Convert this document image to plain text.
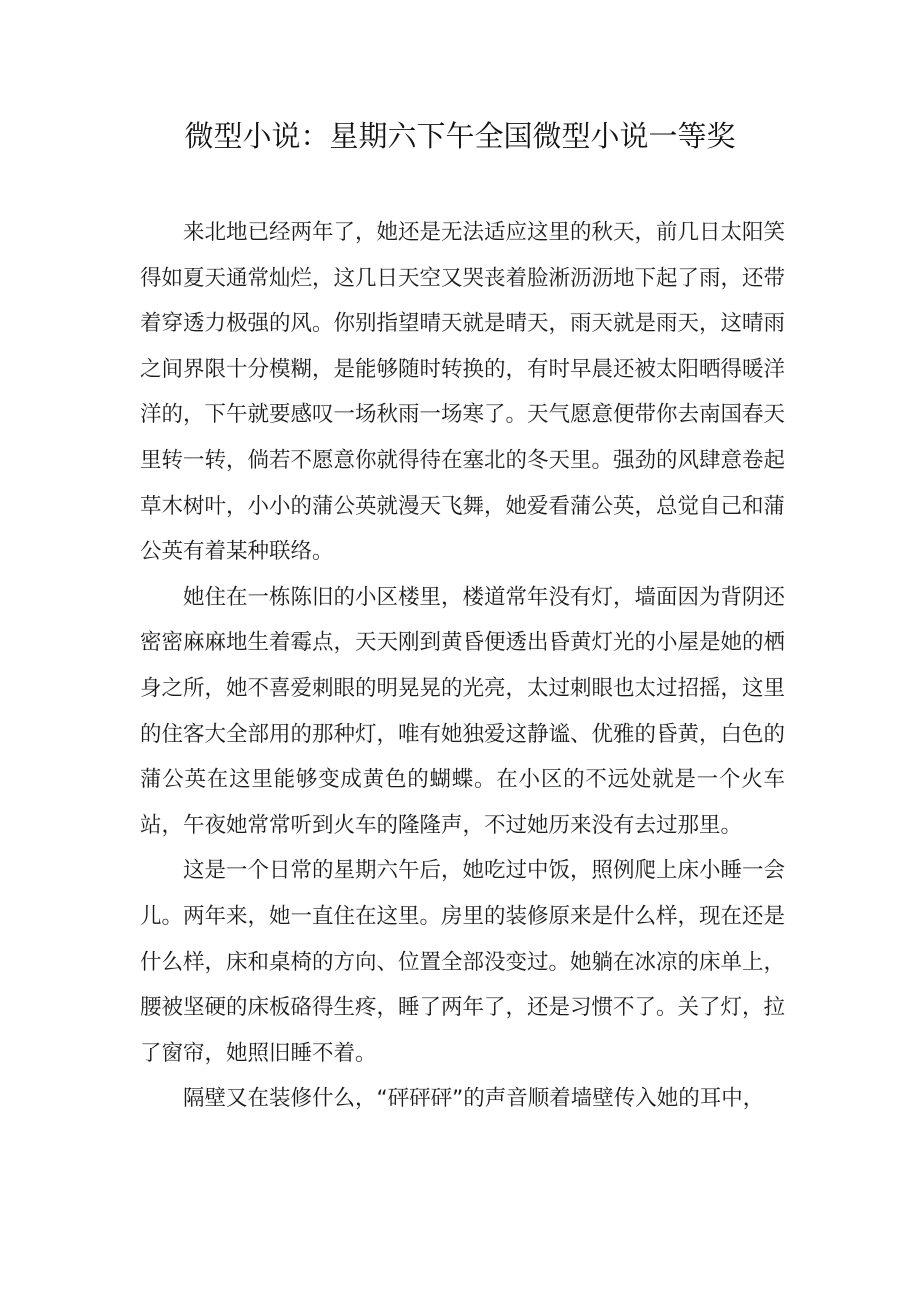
微型小说：星期六下午全国微型小说一等奖

来北地已经两年了，她还是无法适应这里的秋天，前几日太阳笑得如夏天通常灿烂，这几日天空又哭丧着脸淅沥沥地下起了雨，还带着穿透力极强的风。你别指望晴天就是晴天，雨天就是雨天，这晴雨之间界限十分模糊，是能够随时转换的，有时早晨还被太阳晒得暖洋洋的，下午就要感叹一场秋雨一场寒了。天气愿意便带你去南国春天里转一转，倘若不愿意你就得待在塞北的冬天里。强劲的风肆意卷起草木树叶，小小的蒲公英就漫天飞舞，她爱看蒲公英，总觉自己和蒲公英有着某种联络。

她住在一栋陈旧的小区楼里，楼道常年没有灯，墙面因为背阴还密密麻麻地生着霉点，天天刚到黄昏便透出昏黄灯光的小屋是她的栖身之所，她不喜爱刺眼的明晃晃的光亮，太过刺眼也太过招摇，这里的住客大全部用的那种灯，唯有她独爱这静谧、优雅的昏黄，白色的蒲公英在这里能够变成黄色的蝴蝶。在小区的不远处就是一个火车站，午夜她常常听到火车的隆隆声，不过她历来没有去过那里。

这是一个日常的星期六午后，她吃过中饭，照例爬上床小睡一会儿。两年来，她一直住在这里。房里的装修原来是什么样，现在还是什么样，床和桌椅的方向、位置全部没变过。她躺在冰凉的床单上，腰被坚硬的床板硌得生疼，睡了两年了，还是习惯不了。关了灯，拉了窗帘，她照旧睡不着。

隔壁又在装修什么，“砰砰砰”的声音顺着墙壁传入她的耳中，
